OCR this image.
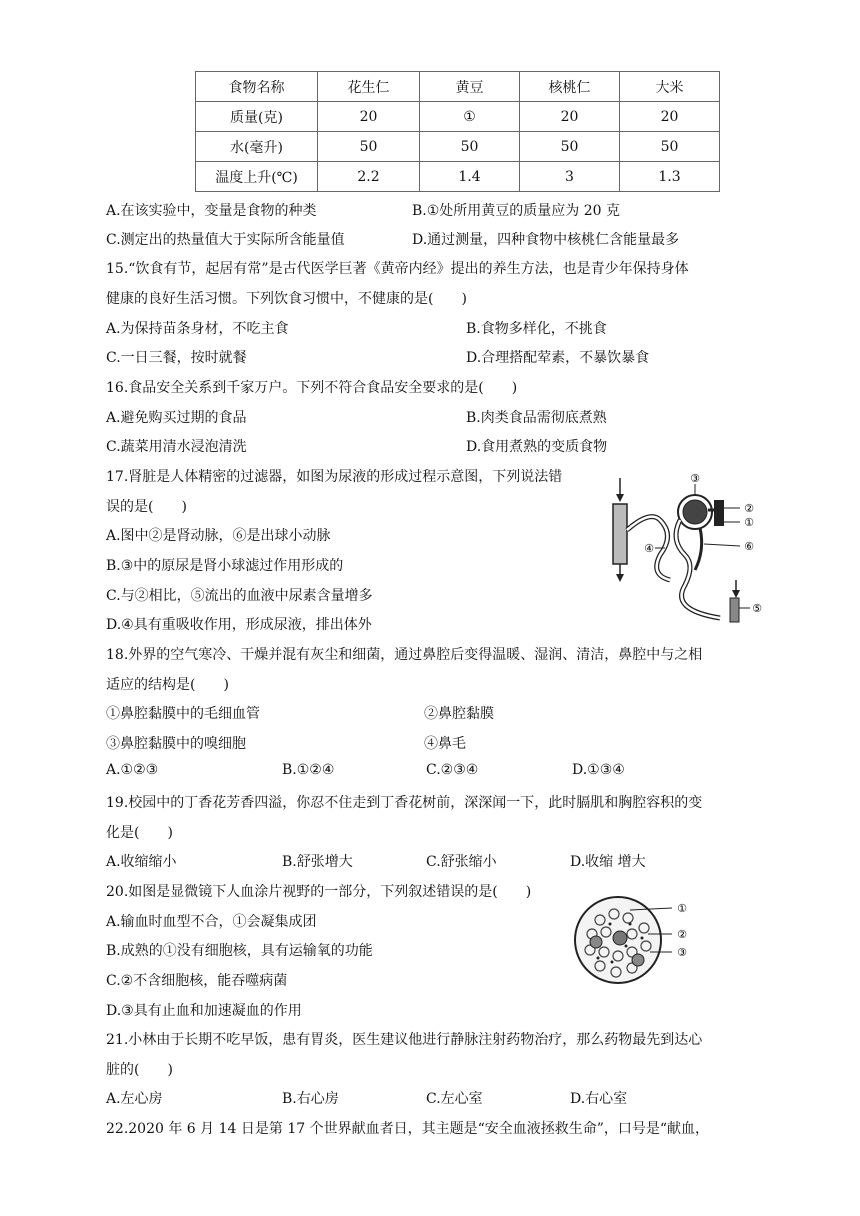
食物名称	花生仁	黄豆	核桃仁	大米
质量(克)	20	①	20	20
水(毫升)	50	50	50	50
温度上升(℃)	2.2	1.4	3	1.3
A.在该实验中，变量是食物的种类	B.①处所用黄豆的质量应为 20 克
C.测定出的热量值大于实际所含能量值	D.通过测量，四种食物中核桃仁含能量最多
15.“饮食有节，起居有常”是古代医学巨著《黄帝内经》提出的养生方法，也是青少年保持身体
健康的良好生活习惯。下列饮食习惯中，不健康的是(　　)
A.为保持苗条身材，不吃主食	B.食物多样化，不挑食
C.一日三餐，按时就餐	D.合理搭配荤素，不暴饮暴食
16.食品安全关系到千家万户。下列不符合食品安全要求的是(　　)
A.避免购买过期的食品	B.肉类食品需彻底煮熟
C.蔬菜用清水浸泡清洗	D.食用煮熟的变质食物
17.肾脏是人体精密的过滤器，如图为尿液的形成过程示意图，下列说法错
误的是(　　)
A.图中②是肾动脉，⑥是出球小动脉
B.③中的原尿是肾小球滤过作用形成的
C.与②相比，⑤流出的血液中尿素含量增多
D.④具有重吸收作用，形成尿液，排出体外
③
②
①
④	⑥
⑤
18.外界的空气寒冷、干燥并混有灰尘和细菌，通过鼻腔后变得温暖、湿润、清洁，鼻腔中与之相
适应的结构是(　　)
①鼻腔黏膜中的毛细血管	②鼻腔黏膜
③鼻腔黏膜中的嗅细胞	④鼻毛
A.①②③	B.①②④	C.②③④	D.①③④
19.校园中的丁香花芳香四溢，你忍不住走到丁香花树前，深深闻一下，此时膈肌和胸腔容积的变
化是(　　)
A.收缩缩小	B.舒张增大	C.舒张缩小	D.收缩 增大
20.如图是显微镜下人血涂片视野的一部分，下列叙述错误的是(　　)
A.输血时血型不合，①会凝集成团
B.成熟的①没有细胞核，具有运输氧的功能
C.②不含细胞核，能吞噬病菌
D.③具有止血和加速凝血的作用
①
②
③
21.小林由于长期不吃早饭，患有胃炎，医生建议他进行静脉注射药物治疗，那么药物最先到达心
脏的(　　)
A.左心房	B.右心房	C.左心室	D.右心室
22.2020 年 6 月 14 日是第 17 个世界献血者日，其主题是“安全血液拯救生命”，口号是“献血，
